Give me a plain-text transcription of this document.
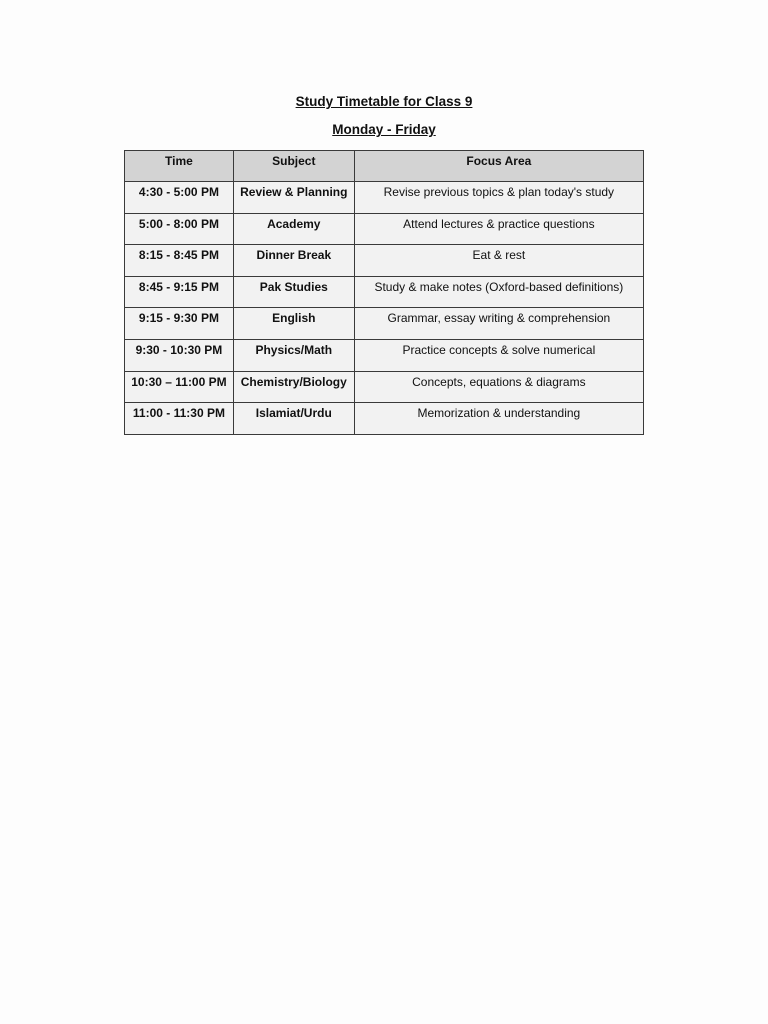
Study Timetable for Class 9
Monday - Friday
Time	Subject	Focus Area
4:30 - 5:00 PM	Review & Planning	Revise previous topics & plan today's study
5:00 - 8:00 PM	Academy	Attend lectures & practice questions
8:15 - 8:45 PM	Dinner Break	Eat & rest
8:45 - 9:15 PM	Pak Studies	Study & make notes (Oxford-based definitions)
9:15 - 9:30 PM	English	Grammar, essay writing & comprehension
9:30 - 10:30 PM	Physics/Math	Practice concepts & solve numerical
10:30 – 11:00 PM	Chemistry/Biology	Concepts, equations & diagrams
11:00 - 11:30 PM	Islamiat/Urdu	Memorization & understanding
